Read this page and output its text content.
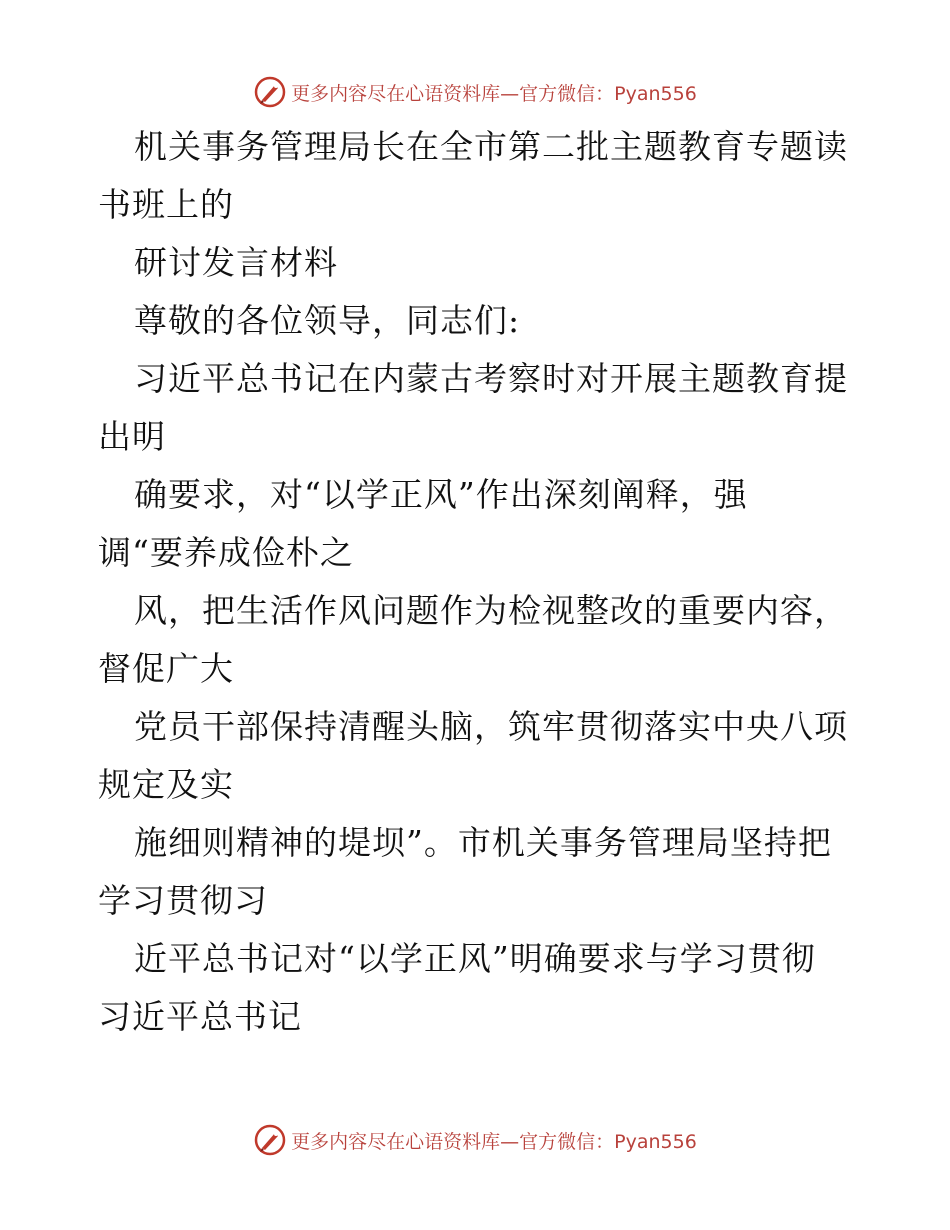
更多内容尽在心语资料库—官方微信：Pyan556
机关事务管理局长在全市第二批主题教育专题读
书班上的
研讨发言材料
尊敬的各位领导，同志们:
习近平总书记在内蒙古考察时对开展主题教育提
出明
确要求，对“以学正风”作出深刻阐释，强
调“要养成俭朴之
风，把生活作风问题作为检视整改的重要内容，
督促广大
党员干部保持清醒头脑，筑牢贯彻落实中央八项
规定及实
施细则精神的堤坝”。市机关事务管理局坚持把
学习贯彻习
近平总书记对“以学正风”明确要求与学习贯彻
习近平总书记
更多内容尽在心语资料库—官方微信：Pyan556
